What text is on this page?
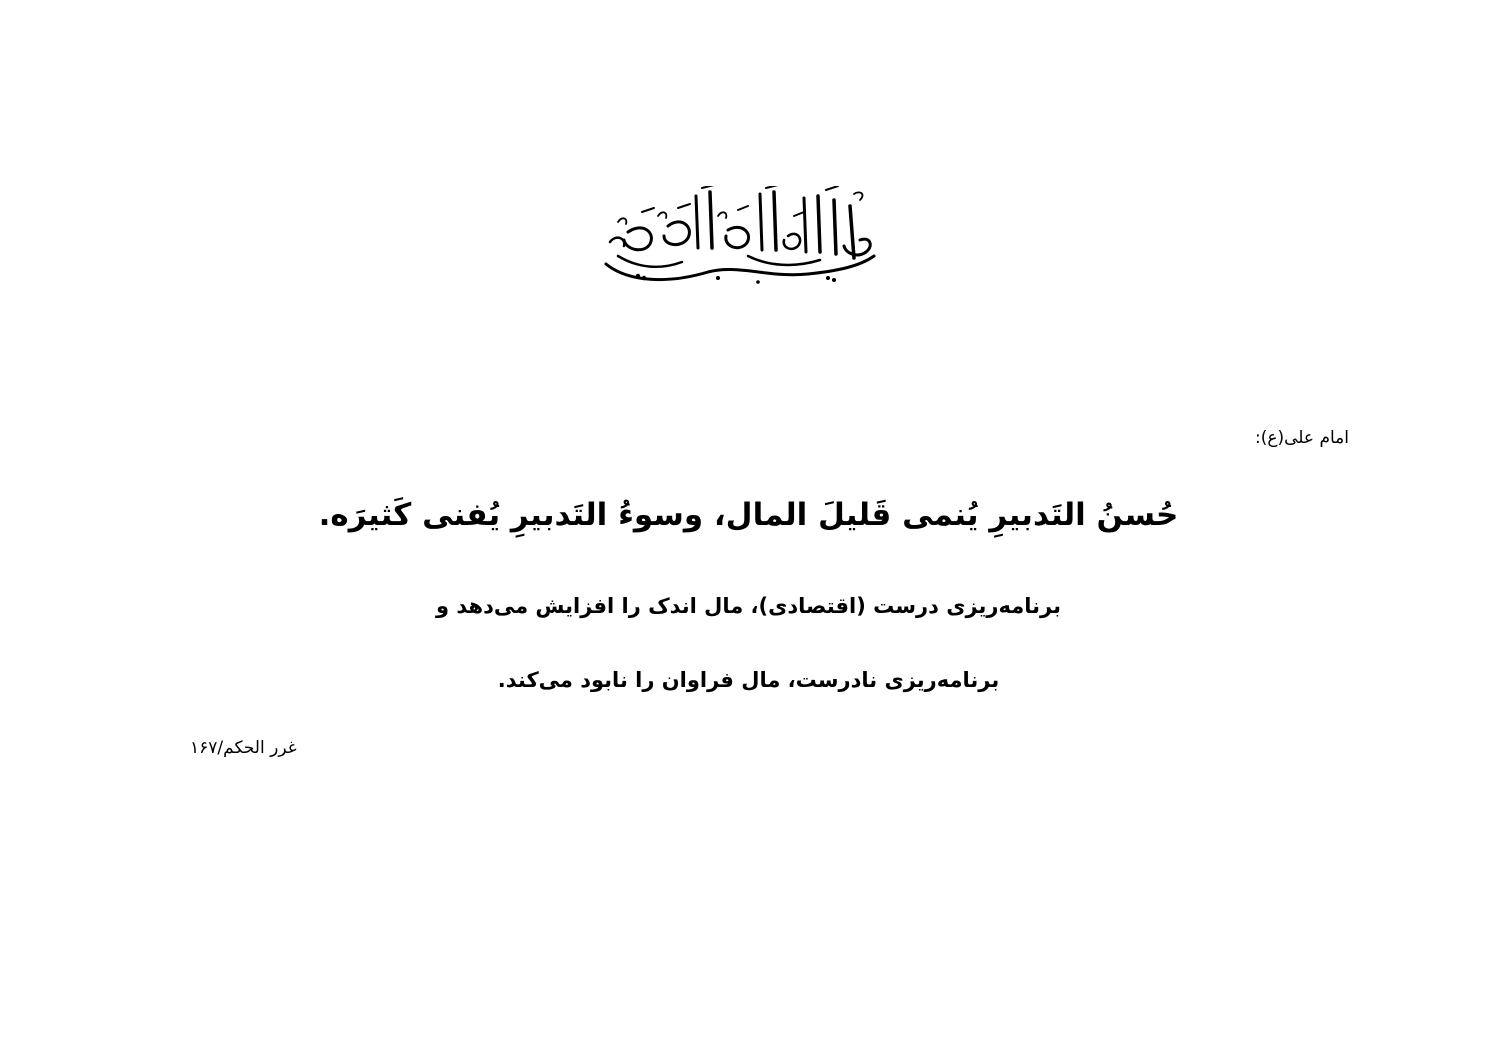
امام علی(ع):
حُسنُ التَدبیرِ یُنمی قَلیلَ المال، وسوءُ التَدبیرِ یُفنی کَثیرَه.
برنامه‌ریزی درست (اقتصادی)، مال اندک را افزایش می‌دهد و
برنامه‌ریزی نادرست، مال فراوان را نابود می‌کند.
غرر الحکم/۱۶۷
